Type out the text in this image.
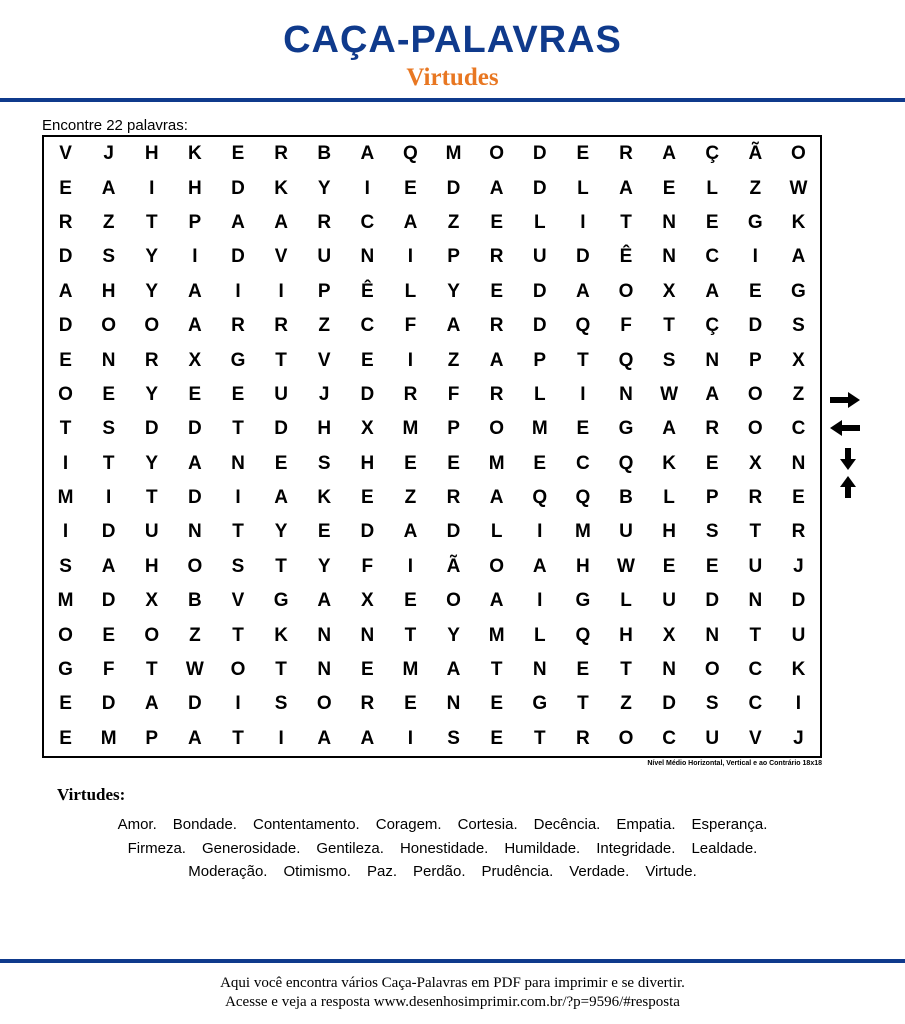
CAÇA-PALAVRAS
Virtudes
Encontre 22 palavras:
V	J	H	K	E	R	B	A	Q	M	O	D	E	R	A	Ç	Ã	O
E	A	I	H	D	K	Y	I	E	D	A	D	L	A	E	L	Z	W
R	Z	T	P	A	A	R	C	A	Z	E	L	I	T	N	E	G	K
D	S	Y	I	D	V	U	N	I	P	R	U	D	Ê	N	C	I	A
A	H	Y	A	I	I	P	Ê	L	Y	E	D	A	O	X	A	E	G
D	O	O	A	R	R	Z	C	F	A	R	D	Q	F	T	Ç	D	S
E	N	R	X	G	T	V	E	I	Z	A	P	T	Q	S	N	P	X
O	E	Y	E	E	U	J	D	R	F	R	L	I	N	W	A	O	Z
T	S	D	D	T	D	H	X	M	P	O	M	E	G	A	R	O	C
I	T	Y	A	N	E	S	H	E	E	M	E	C	Q	K	E	X	N
M	I	T	D	I	A	K	E	Z	R	A	Q	Q	B	L	P	R	E
I	D	U	N	T	Y	E	D	A	D	L	I	M	U	H	S	T	R
S	A	H	O	S	T	Y	F	I	Ã	O	A	H	W	E	E	U	J
M	D	X	B	V	G	A	X	E	O	A	I	G	L	U	D	N	D
O	E	O	Z	T	K	N	N	T	Y	M	L	Q	H	X	N	T	U
G	F	T	W	O	T	N	E	M	A	T	N	E	T	N	O	C	K
E	D	A	D	I	S	O	R	E	N	E	G	T	Z	D	S	C	I
E	M	P	A	T	I	A	A	I	S	E	T	R	O	C	U	V	J
Nível Médio Horizontal, Vertical e ao Contrário 18x18
Virtudes:
Amor. Bondade. Contentamento. Coragem. Cortesia. Decência. Empatia. Esperança.
Firmeza. Generosidade. Gentileza. Honestidade. Humildade. Integridade. Lealdade.
Moderação. Otimismo. Paz. Perdão. Prudência. Verdade. Virtude.
Aqui você encontra vários Caça-Palavras em PDF para imprimir e se divertir.
Acesse e veja a resposta www.desenhosimprimir.com.br/?p=9596/#resposta
